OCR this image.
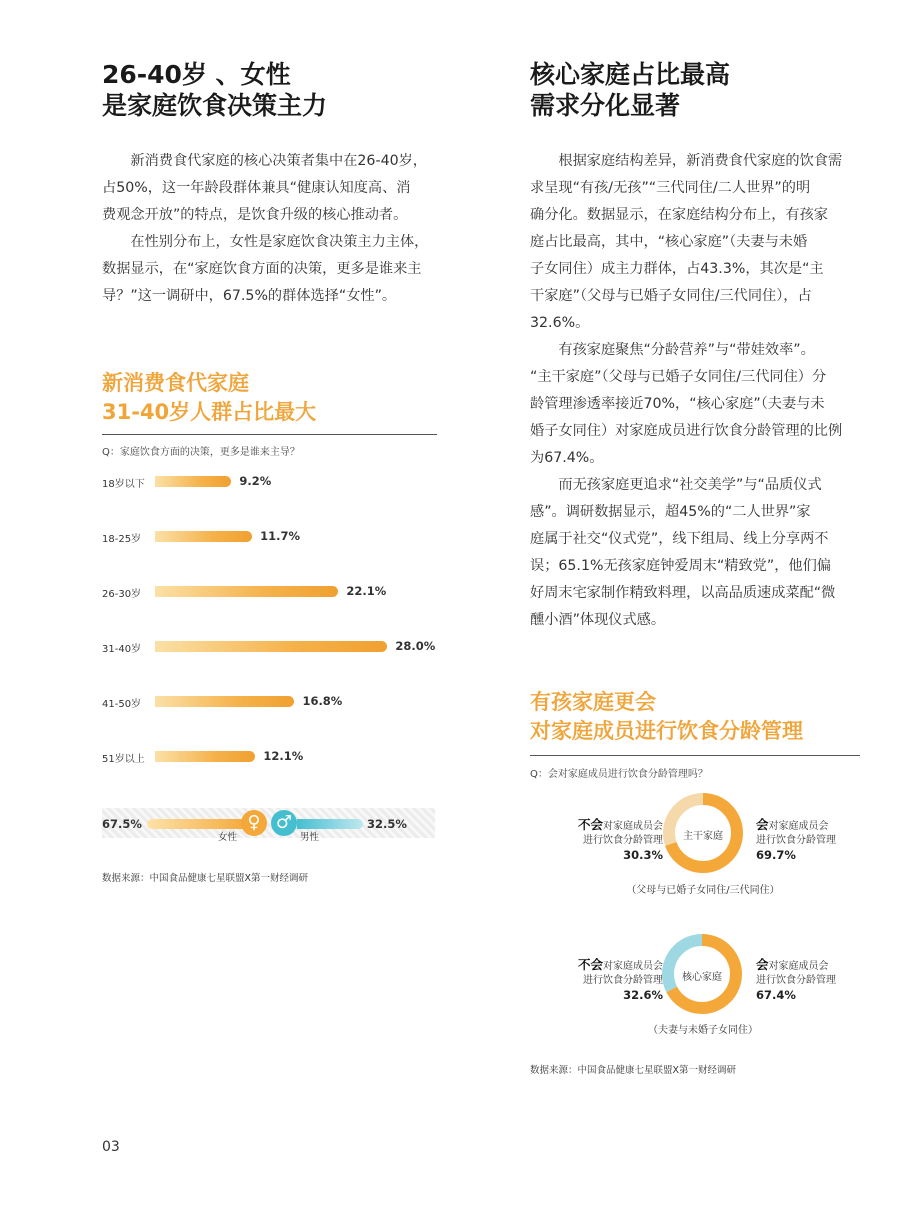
26-40岁 、女性
是家庭饮食决策主力

新消费食代家庭的核心决策者集中在26-40岁，

占50%，这一年龄段群体兼具“健康认知度高、消
费观念开放”的特点，是饮食升级的核心推动者。

在性别分布上，女性是家庭饮食决策主力主体，

数据显示，在“家庭饮食方面的决策，更多是谁来主
导？”这一调研中，67.5%的群体选择“女性”。
新消费食代家庭
31-40岁人群占比最大
Q：家庭饮食方面的决策，更多是谁来主导？
18岁以下	9.2%
18-25岁	11.7%
26-30岁	22.1%
31-40岁	28.0%
41-50岁	16.8%
51岁以上	12.1%
67.5%	♀ ♂
女性	男性
32.5%
数据来源：中国食品健康七星联盟X第一财经调研
核心家庭占比最高
需求分化显著

根据家庭结构差异，新消费食代家庭的饮食需

求呈现“有孩/无孩”“三代同住/二人世界”的明
确分化。数据显示，在家庭结构分布上，有孩家
庭占比最高，其中，“核心家庭”（夫妻与未婚
子女同住）成主力群体，占43.3%，其次是“主
干家庭”（父母与已婚子女同住/三代同住），占
32.6%。

有孩家庭聚焦“分龄营养”与“带娃效率”。

“主干家庭”（父母与已婚子女同住/三代同住）分
龄管理渗透率接近70%，“核心家庭”（夫妻与未
婚子女同住）对家庭成员进行饮食分龄管理的比例
为67.4%。

而无孩家庭更追求“社交美学”与“品质仪式

感”。调研数据显示，超45%的“二人世界”家
庭属于社交“仪式党”，线下组局、线上分享两不
误；65.1%无孩家庭钟爱周末“精致党”，他们偏
好周末宅家制作精致料理，以高品质速成菜配“微
醺小酒”体现仪式感。
有孩家庭更会
对家庭成员进行饮食分龄管理
Q：会对家庭成员进行饮食分龄管理吗？
不会对家庭成员会
进行饮食分龄管理
30.3%
主干家庭
会对家庭成员会
进行饮食分龄管理
69.7%
（父母与已婚子女同住/三代同住）
不会对家庭成员会
进行饮食分龄管理
32.6%
核心家庭
会对家庭成员会
进行饮食分龄管理
67.4%
（夫妻与未婚子女同住）
数据来源：中国食品健康七星联盟X第一财经调研
03
